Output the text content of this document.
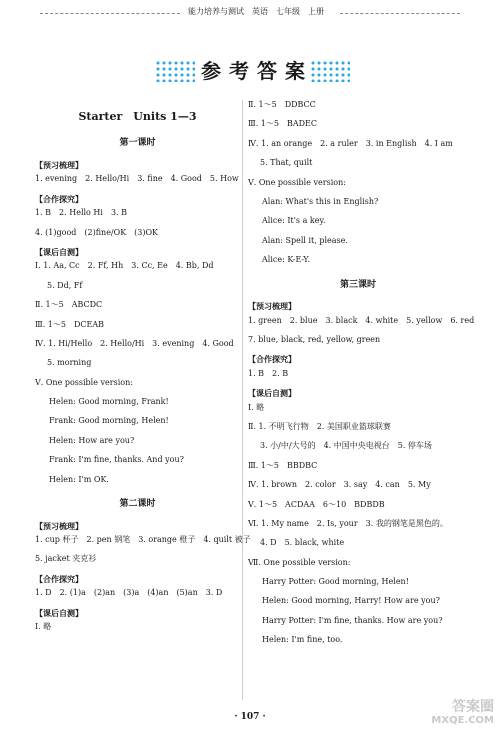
能力培养与测试　英语　七年级　上册
参 考 答 案
Starter　Units 1—3
第一课时
【预习梳理】
1. evening　2. Hello/Hi　3. fine　4. Good　5. How
【合作探究】
1. B　2. Hello Hi　3. B
4. (1)good　(2)fine/OK　(3)OK
【课后自测】
Ⅰ. 1. Aa, Cc　2. Ff, Hh　3. Cc, Ee　4. Bb, Dd
5. Dd, Ff
Ⅱ. 1～5　ABCDC
Ⅲ. 1～5　DCEAB
Ⅳ. 1. Hi/Hello　2. Hello/Hi　3. evening　4. Good
5. morning
Ⅴ. One possible version:
Helen: Good morning, Frank!
Frank: Good morning, Helen!
Helen: How are you?
Frank: I'm fine, thanks. And you?
Helen: I'm OK.
第二课时
【预习梳理】
1. cup 杯子　2. pen 钢笔　3. orange 橙子　4. quilt 被子
5. jacket 夹克衫
【合作探究】
1. D　2. (1)a　(2)an　(3)a　(4)an　(5)an　3. D
【课后自测】
Ⅰ. 略
Ⅱ. 1～5　DDBCC
Ⅲ. 1～5　BADEC
Ⅳ. 1. an orange　2. a ruler　3. in English　4. I am
5. That, quilt
Ⅴ. One possible version:
Alan: What's this in English?
Alice: It's a key.
Alan: Spell it, please.
Alice: K-E-Y.
第三课时
【预习梳理】
1. green　2. blue　3. black　4. white　5. yellow　6. red
7. blue, black, red, yellow, green
【合作探究】
1. B　2. B
【课后自测】
Ⅰ. 略
Ⅱ. 1. 不明飞行物　2. 美国职业篮球联赛
3. 小/中/大号的　4. 中国中央电视台　5. 停车场
Ⅲ. 1～5　BBDBC
Ⅳ. 1. brown　2. color　3. say　4. can　5. My
Ⅴ. 1～5　ACDAA　6～10　BDBDB
Ⅵ. 1. My name　2. Is, your　3. 我的钢笔是黑色的。
4. D　5. black, white
Ⅶ. One possible version:
Harry Potter: Good morning, Helen!
Helen: Good morning, Harry! How are you?
Harry Potter: I'm fine, thanks. How are you?
Helen: I'm fine, too.
· 107 ·
答案圈
MXQE.COM
